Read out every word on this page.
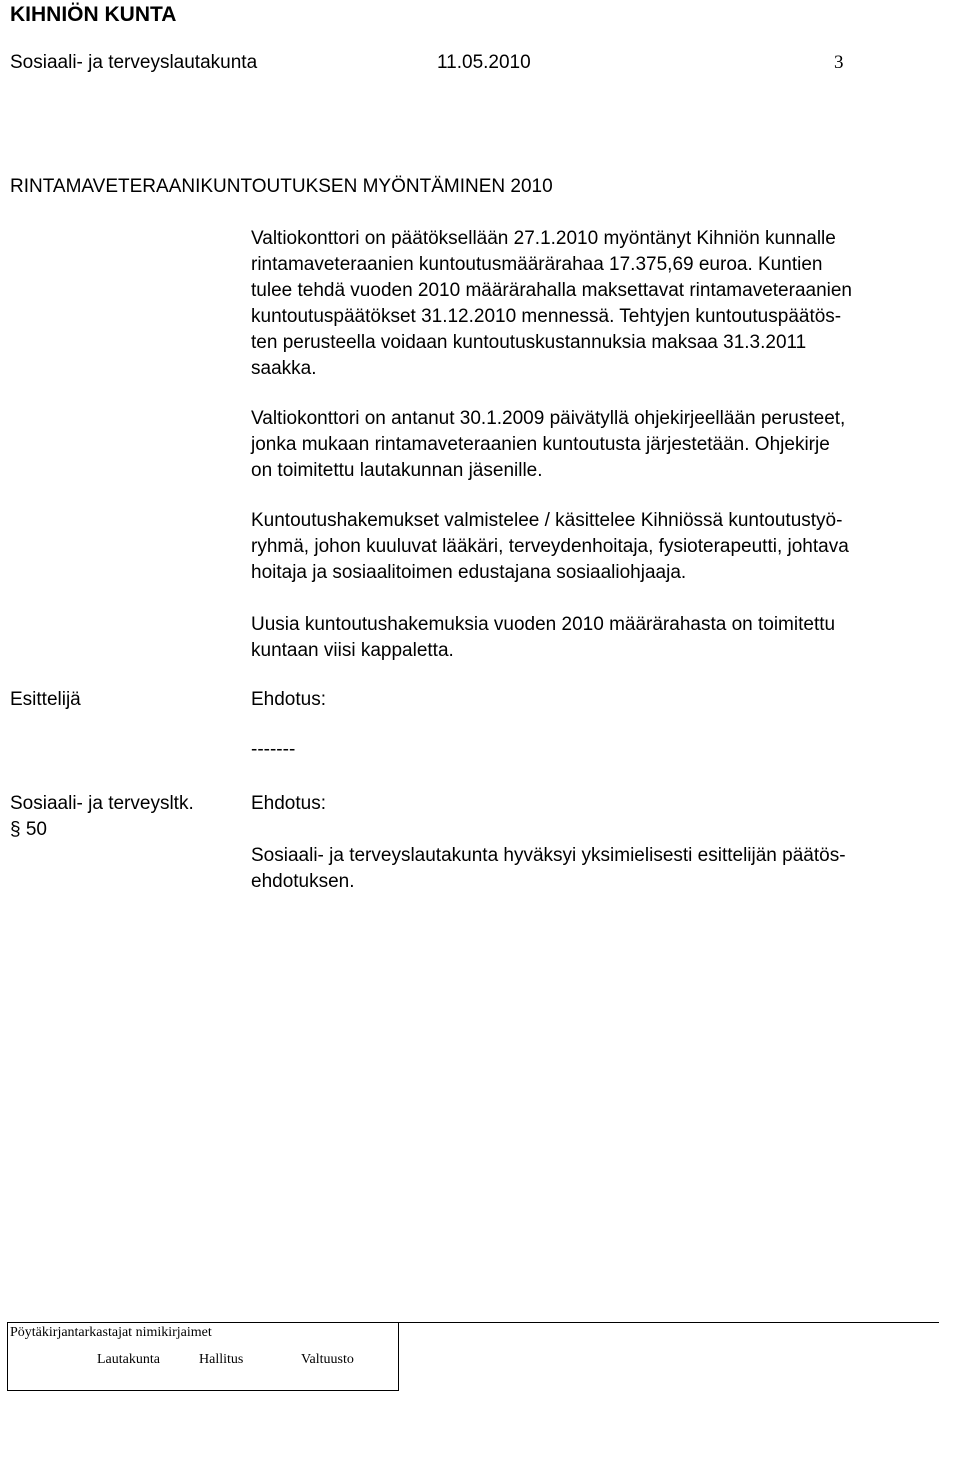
KIHNIÖN KUNTA
Sosiaali- ja terveyslautakunta	11.05.2010	3
RINTAMAVETERAANIKUNTOUTUKSEN MYÖNTÄMINEN 2010
Valtiokonttori on päätöksellään 27.1.2010 myöntänyt Kihniön kunnalle
rintamaveteraanien kuntoutusmäärärahaa 17.375,69 euroa. Kuntien
tulee tehdä vuoden 2010 määrärahalla maksettavat rintamaveteraanien
kuntoutuspäätökset 31.12.2010 mennessä. Tehtyjen kuntoutuspäätös-
ten perusteella voidaan kuntoutuskustannuksia maksaa 31.3.2011
saakka.
Valtiokonttori on antanut 30.1.2009 päivätyllä ohjekirjeellään perusteet,
jonka mukaan rintamaveteraanien kuntoutusta järjestetään. Ohjekirje
on toimitettu lautakunnan jäsenille.
Kuntoutushakemukset valmistelee / käsittelee Kihniössä kuntoutustyö-
ryhmä, johon kuuluvat lääkäri, terveydenhoitaja, fysioterapeutti, johtava
hoitaja ja sosiaalitoimen edustajana sosiaaliohjaaja.
Uusia kuntoutushakemuksia vuoden 2010 määrärahasta on toimitettu
kuntaan viisi kappaletta.
Esittelijä	Ehdotus:
-------
Sosiaali- ja terveysltk.
§ 50
Ehdotus:
Sosiaali- ja terveyslautakunta hyväksyi yksimielisesti esittelijän päätös-
ehdotuksen.
Pöytäkirjantarkastajat nimikirjaimet
Lautakunta	Hallitus	Valtuusto
